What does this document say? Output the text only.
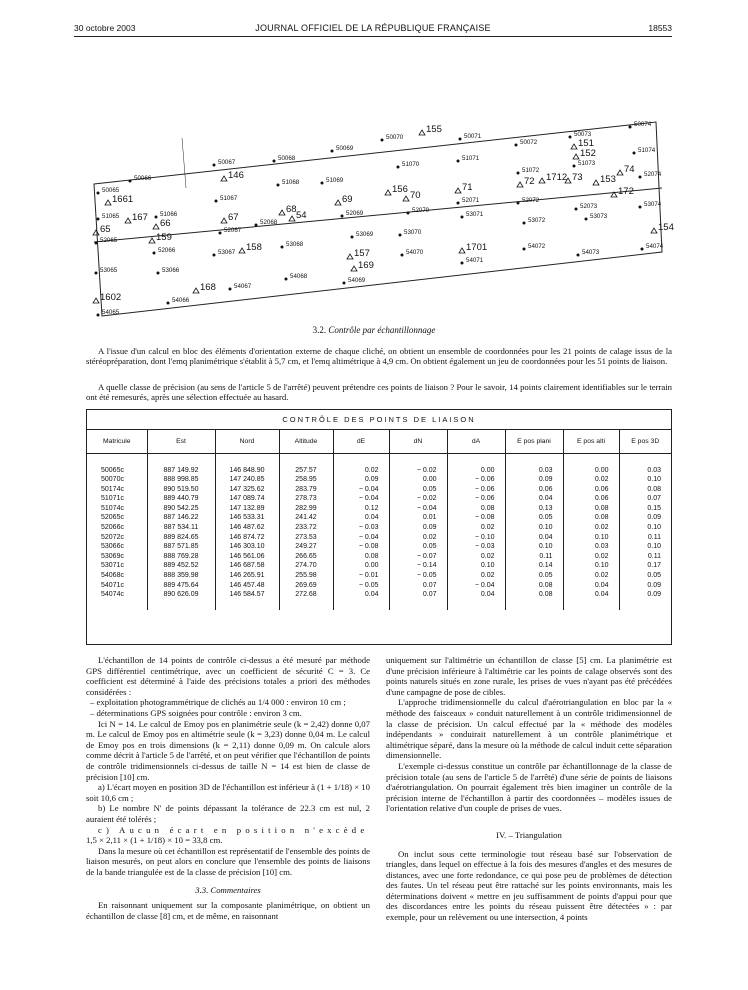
30 octobre 2003	JOURNAL OFFICIEL DE LA RÉPUBLIQUE FRANÇAISE	18553
50070
155
50071
50072
50073
50074
151
152
51073
51074
50069
50068
51070
51071
51072
72 1712 73
74
50067
146	51069
156
70
71
153
172
52074
50066
51068
50065
1661	51067	69
52069	52070
52071	52072
52073	53074
51065 167 51066	67
68
52068
54
65
66
52067
53069	53070
53071
53072
53073
154
52065	159
52066	53067 158	53068
157	54070	1701	54072
54073
54074
169	54071
53065	53066
54068
54069
168	54067
1602	54066
54065
3.2. Contrôle par échantillonnage
A l'issue d'un calcul en bloc des éléments d'orientation externe de chaque cliché, on obtient un ensemble de coordonnées pour les 21 points de calage issus de la stéréopréparation, dont l'emq planimétrique s'établit à 5,7 cm, et l'emq altimétrique à 4,9 cm. On obtient également un jeu de coordonnées pour les 51 points de liaison.
A quelle classe de précision (au sens de l'article 5 de l'arrêté) peuvent prétendre ces points de liaison ? Pour le savoir, 14 points clairement identifiables sur le terrain ont été remesurés, après une sélection effectuée au hasard.
CONTRÔLE DES POINTS DE LIAISON
Matricule	Est	Nord	Altitude	dE	dN	dA	E pos plani	E pos alti	E pos 3D
50065c	887 149.92	146 848.90	257.57	0.02	− 0.02	0.00	0.03	0.00	0.03
50070c	888 998.85	147 240.85	258.95	0.09	0.00	− 0.06	0.09	0.02	0.10
50174c	890 519.50	147 325.62	283.79	− 0.04	0.05	− 0.06	0.06	0.06	0.08
51071c	889 440.79	147 089.74	278.73	− 0.04	− 0.02	− 0.06	0.04	0.06	0.07
51074c	890 542.25	147 132.89	282.99	0.12	− 0.04	0.08	0.13	0.08	0.15
52065c	887 146.22	146 533.31	241.42	0.04	0.01	− 0.08	0.05	0.08	0.09
52066c	887 534.11	146 487.62	233.72	− 0.03	0.09	0.02	0.10	0.02	0.10
52072c	889 824.65	146 874.72	273.53	− 0.04	0.02	− 0.10	0.04	0.10	0.11
53066c	887 571.85	146 303.10	249.27	− 0.08	0.05	− 0.03	0.10	0.03	0.10
53069c	888 769.28	146 561.06	266.65	0.08	− 0.07	0.02	0.11	0.02	0.11
53071c	889 452.52	146 687.58	274.70	0.00	− 0.14	0.10	0.14	0.10	0.17
54068c	888 359.98	146 265.91	255.98	− 0.01	− 0.05	0.02	0.05	0.02	0.05
54071c	889 475.64	146 457.48	269.69	− 0.05	0.07	− 0.04	0.08	0.04	0.09
54074c	890 626.09	146 584.57	272.68	0.04	0.07	0.04	0.08	0.04	0.09

L'échantillon de 14 points de contrôle ci-dessus a été mesuré par méthode GPS différentiel centimétrique, avec un coefficient de sécurité C = 3. Ce coefficient est déterminé à l'aide des précisions totales a priori des méthodes considérées :

– exploitation photogrammétrique de clichés au 1/4 000 : environ 10 cm ;

– déterminations GPS soignées pour contrôle : environ 3 cm.

Ici N = 14. Le calcul de Emoy pos en planimétrie seule (k = 2,42) donne 0,07 m. Le calcul de Emoy pos en altimétrie seule (k = 3,23) donne 0,04 m. Le calcul de Emoy pos en trois dimensions (k = 2,11) donne 0,09 m. On calcule alors comme décrit à l'article 5 de l'arrêté, et on peut vérifier que l'échantillon de points de contrôle tridimensionnels ci-dessus de taille N = 14 est bien de classe de précision [10] cm.

a) L'écart moyen en position 3D de l'échantillon est inférieur à (1 + 1/18) × 10 soit 10,6 cm ;

b) Le nombre N' de points dépassant la tolérance de 22.3 cm est nul, 2 auraient été tolérés ;

c) Aucun écart en position n'excède

1,5 × 2,11 × (1 + 1/18) × 10 = 33,8 cm.

Dans la mesure où cet échantillon est représentatif de l'ensemble des points de liaison mesurés, on peut alors en conclure que l'ensemble des points de liaisons de la bande triangulée est de la classe de précision [10] cm.

3.3. Commentaires

En raisonnant uniquement sur la composante planimétrique, on obtient un échantillon de classe [8] cm, et de même, en raisonnant

uniquement sur l'altimétrie un échantillon de classe [5] cm. La planimétrie est d'une précision inférieure à l'altimétrie car les points de calage observés sont des points naturels situés en zone rurale, les prises de vues n'ayant pas été précédées d'une campagne de pose de cibles.

L'approche tridimensionnelle du calcul d'aérotriangulation en bloc par la « méthode des faisceaux » conduit naturellement à un contrôle tridimensionnel de la classe de précision. Un calcul effectué par la « méthode des modèles indépendants » conduirait naturellement à un contrôle planimétrique et altimétrique séparé, dans la mesure où la méthode de calcul induit cette séparation dimensionnelle.

L'exemple ci-dessus constitue un contrôle par échantillonnage de la classe de précision totale (au sens de l'article 5 de l'arrêté) d'une série de points de liaisons d'aérotriangulation. On pourrait également très bien imaginer un contrôle de la précision interne de l'échantillon à partir des coordonnées – modèles issues de l'orientation relative d'un couple de prises de vues.

IV. – Triangulation

On inclut sous cette terminologie tout réseau basé sur l'observation de triangles, dans lequel on effectue à la fois des mesures d'angles et des mesures de distances, avec une forte redondance, ce qui pose peu de problèmes de détection des fautes. Un tel réseau peut être rattaché sur les points environnants, mais les déterminations doivent « mettre en jeu suffisamment de points d'appui pour que des discordances entre les points du réseau puissent être détectées » : par exemple, pour un relèvement ou une intersection, 4 points
